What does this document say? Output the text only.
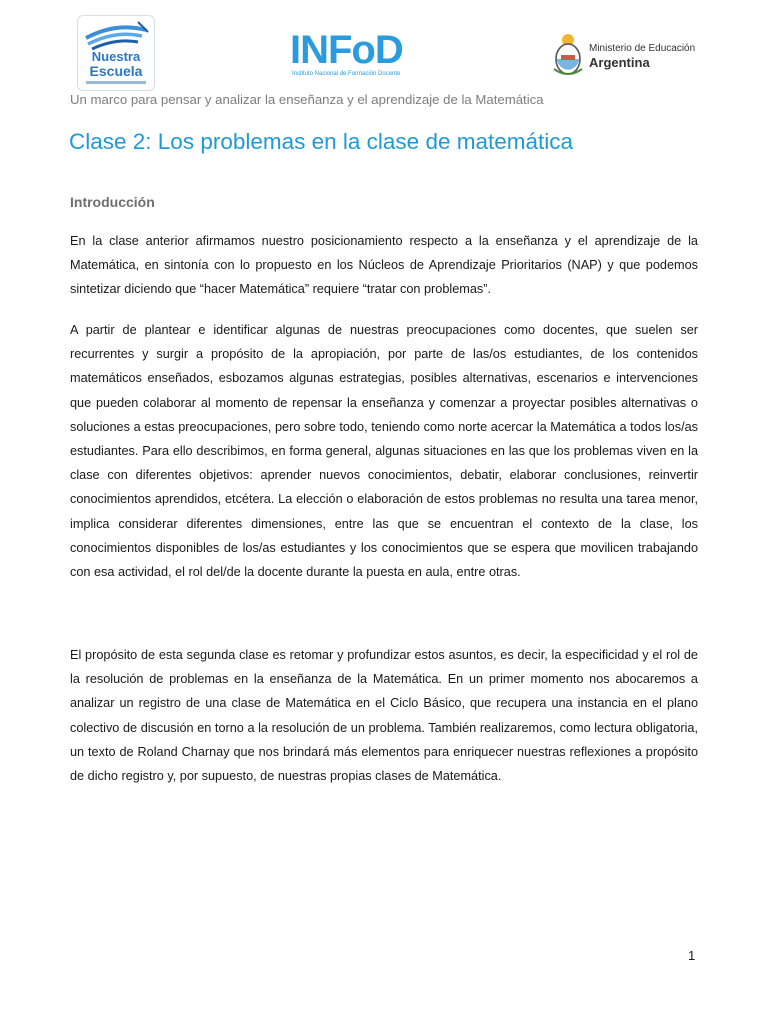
Nuestra
Escuela	INFoD
Instituto Nacional de Formación Docente
Ministerio de Educación
Argentina
Un marco para pensar y analizar la enseñanza y el aprendizaje de la Matemática
Clase 2: Los problemas en la clase de matemática
Introducción

En la clase anterior afirmamos nuestro posicionamiento respecto a la enseñanza y el aprendizaje de la Matemática, en sintonía con lo propuesto en los Núcleos de Aprendizaje Prioritarios (NAP) y que podemos sintetizar diciendo que “hacer Matemática” requiere “tratar con problemas”.

A partir de plantear e identificar algunas de nuestras preocupaciones como docentes, que suelen ser recurrentes y surgir a propósito de la apropiación, por parte de las/os estudiantes, de los contenidos matemáticos enseñados, esbozamos algunas estrategias, posibles alternativas, escenarios e intervenciones que pueden colaborar al momento de repensar la enseñanza y comenzar a proyectar posibles alternativas o soluciones a estas preocupaciones, pero sobre todo, teniendo como norte acercar la Matemática a todos los/as estudiantes. Para ello describimos, en forma general, algunas situaciones en las que los problemas viven en la clase con diferentes objetivos: aprender nuevos conocimientos, debatir, elaborar conclusiones, reinvertir conocimientos aprendidos, etcétera. La elección o elaboración de estos problemas no resulta una tarea menor, implica considerar diferentes dimensiones, entre las que se encuentran el contexto de la clase, los conocimientos disponibles de los/as estudiantes y los conocimientos que se espera que movilicen trabajando con esa actividad, el rol del/de la docente durante la puesta en aula, entre otras.

El propósito de esta segunda clase es retomar y profundizar estos asuntos, es decir, la especificidad y el rol de la resolución de problemas en la enseñanza de la Matemática. En un primer momento nos abocaremos a analizar un registro de una clase de Matemática en el Ciclo Básico, que recupera una instancia en el plano colectivo de discusión en torno a la resolución de un problema. También realizaremos, como lectura obligatoria, un texto de Roland Charnay que nos brindará más elementos para enriquecer nuestras reflexiones a propósito de dicho registro y, por supuesto, de nuestras propias clases de Matemática.

1
